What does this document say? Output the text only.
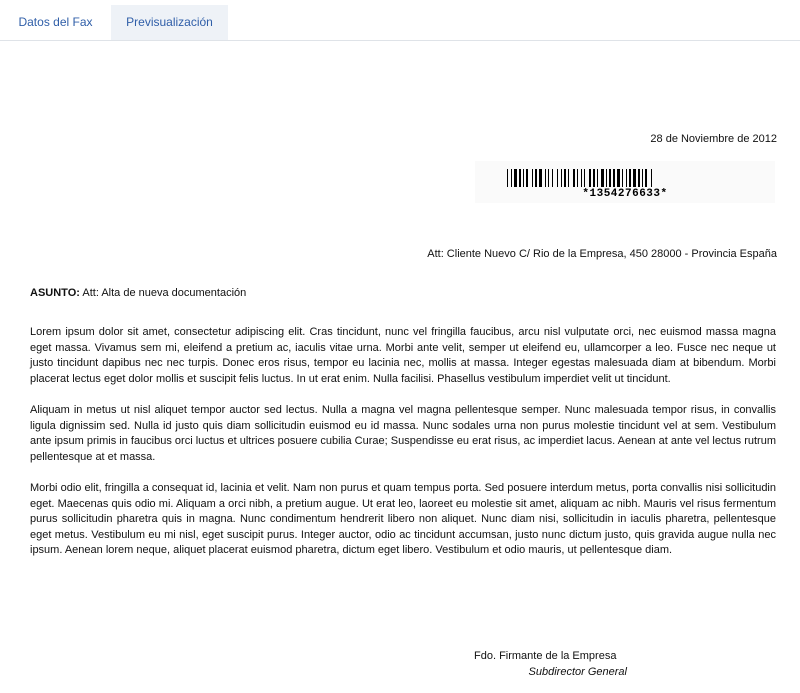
Datos del Fax	Previsualización
28 de Noviembre de 2012
*1354276633*
Att: Cliente Nuevo C/ Rio de la Empresa, 450 28000 - Provincia España
ASUNTO: Att: Alta de nueva documentación

Lorem ipsum dolor sit amet, consectetur adipiscing elit. Cras tincidunt, nunc vel fringilla faucibus, arcu nisl vulputate orci, nec euismod massa magna eget massa. Vivamus sem mi, eleifend a pretium ac, iaculis vitae urna. Morbi ante velit, semper ut eleifend eu, ullamcorper a leo. Fusce nec neque ut justo tincidunt dapibus nec nec turpis. Donec eros risus, tempor eu lacinia nec, mollis at massa. Integer egestas malesuada diam at bibendum. Morbi placerat lectus eget dolor mollis et suscipit felis luctus. In ut erat enim. Nulla facilisi. Phasellus vestibulum imperdiet velit ut tincidunt.

Aliquam in metus ut nisl aliquet tempor auctor sed lectus. Nulla a magna vel magna pellentesque semper. Nunc malesuada tempor risus, in convallis ligula dignissim sed. Nulla id justo quis diam sollicitudin euismod eu id massa. Nunc sodales urna non purus molestie tincidunt vel at sem. Vestibulum ante ipsum primis in faucibus orci luctus et ultrices posuere cubilia Curae; Suspendisse eu erat risus, ac imperdiet lacus. Aenean at ante vel lectus rutrum pellentesque at et massa.

Morbi odio elit, fringilla a consequat id, lacinia et velit. Nam non purus et quam tempus porta. Sed posuere interdum metus, porta convallis nisi sollicitudin eget. Maecenas quis odio mi. Aliquam a orci nibh, a pretium augue. Ut erat leo, laoreet eu molestie sit amet, aliquam ac nibh. Mauris vel risus fermentum purus sollicitudin pharetra quis in magna. Nunc condimentum hendrerit libero non aliquet. Nunc diam nisi, sollicitudin in iaculis pharetra, pellentesque eget metus. Vestibulum eu mi nisl, eget suscipit purus. Integer auctor, odio ac tincidunt accumsan, justo nunc dictum justo, quis gravida augue nulla nec ipsum. Aenean lorem neque, aliquet placerat euismod pharetra, dictum eget libero. Vestibulum et odio mauris, ut pellentesque diam.

Fdo. Firmante de la Empresa
Subdirector General
